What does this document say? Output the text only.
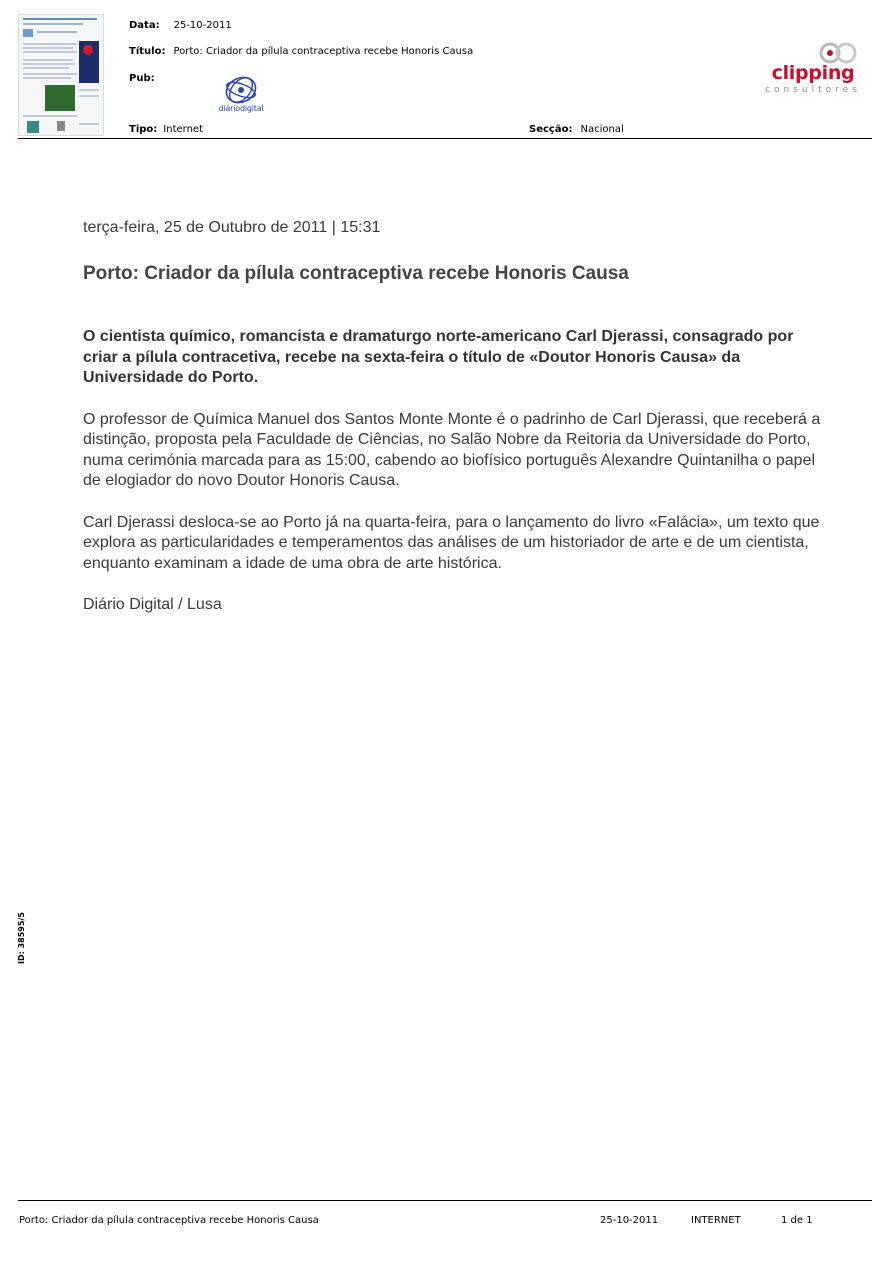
Data: 25-10-2011
Título: Porto: Criador da pílula contraceptiva recebe Honoris Causa
Pub:
diáriodigital
Tipo: Internet	Secção: Nacional
clipping
consultores
terça-feira, 25 de Outubro de 2011 | 15:31
Porto: Criador da pílula contraceptiva recebe Honoris Causa

O cientista químico, romancista e dramaturgo norte-americano Carl Djerassi, consagrado por criar a pílula contracetiva, recebe na sexta-feira o título de «Doutor Honoris Causa» da Universidade do Porto.

O professor de Química Manuel dos Santos Monte Monte é o padrinho de Carl Djerassi, que receberá a distinção, proposta pela Faculdade de Ciências, no Salão Nobre da Reitoria da Universidade do Porto, numa cerimónia marcada para as 15:00, cabendo ao biofísico português Alexandre Quintanilha o papel de elogiador do novo Doutor Honoris Causa.

Carl Djerassi desloca-se ao Porto já na quarta-feira, para o lançamento do livro «Falácia», um texto que explora as particularidades e temperamentos das análises de um historiador de arte e de um cientista, enquanto examinam a idade de uma obra de arte histórica.

Diário Digital / Lusa

ID: 38595/5
Porto: Criador da pílula contraceptiva recebe Honoris Causa	25-10-2011	INTERNET	1 de 1
